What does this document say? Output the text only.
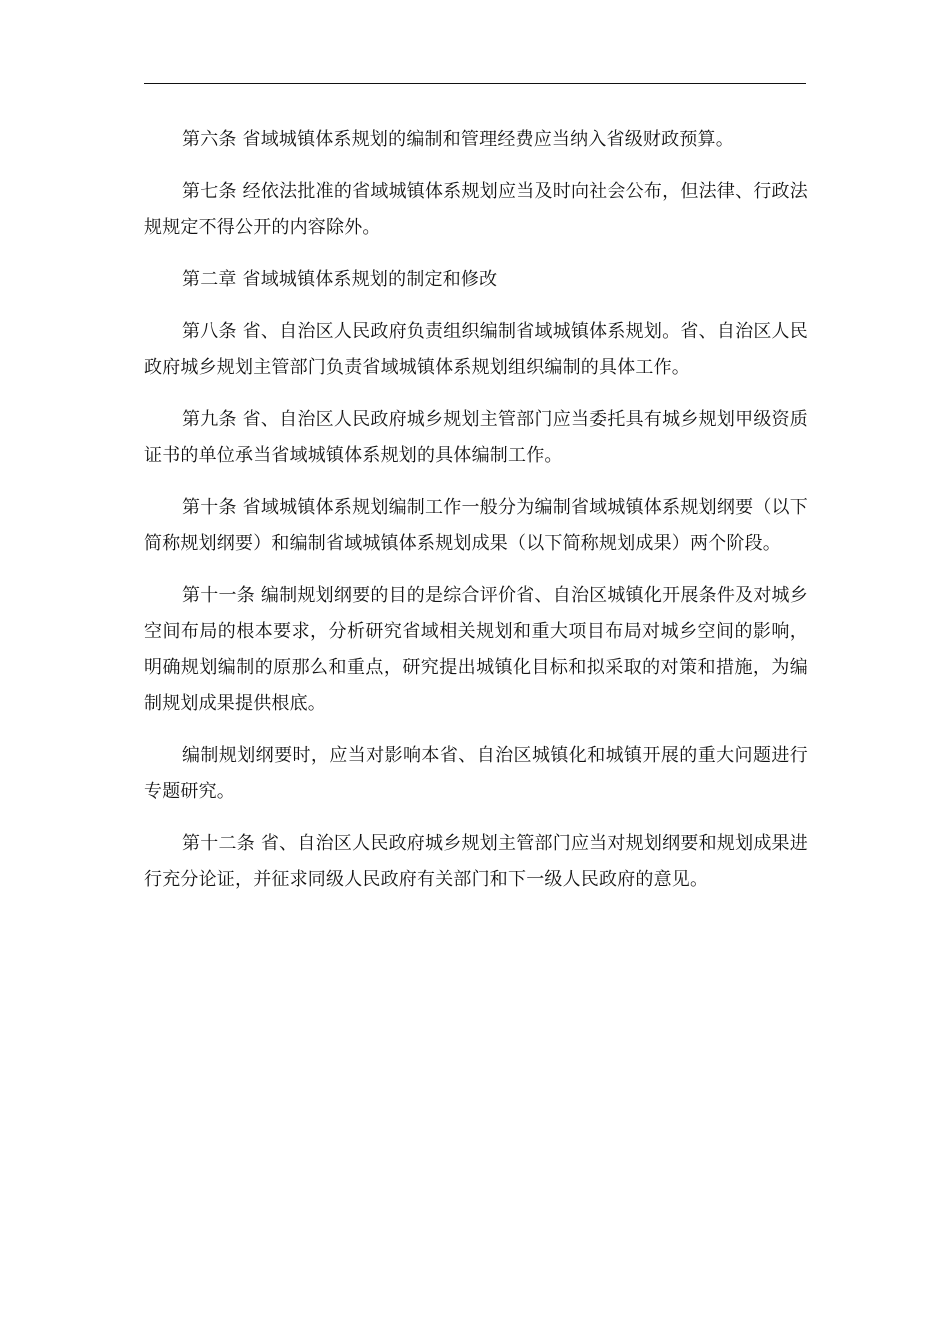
第六条 省域城镇体系规划的编制和管理经费应当纳入省级财政预算。

第七条 经依法批准的省域城镇体系规划应当及时向社会公布，但法律、行政法规规定不得公开的内容除外。

第二章 省域城镇体系规划的制定和修改

第八条 省、自治区人民政府负责组织编制省域城镇体系规划。省、自治区人民政府城乡规划主管部门负责省域城镇体系规划组织编制的具体工作。

第九条 省、自治区人民政府城乡规划主管部门应当委托具有城乡规划甲级资质证书的单位承当省域城镇体系规划的具体编制工作。

第十条 省域城镇体系规划编制工作一般分为编制省域城镇体系规划纲要（以下简称规划纲要）和编制省域城镇体系规划成果（以下简称规划成果）两个阶段。

第十一条 编制规划纲要的目的是综合评价省、自治区城镇化开展条件及对城乡空间布局的根本要求，分析研究省域相关规划和重大项目布局对城乡空间的影响，明确规划编制的原那么和重点，研究提出城镇化目标和拟采取的对策和措施，为编制规划成果提供根底。

编制规划纲要时，应当对影响本省、自治区城镇化和城镇开展的重大问题进行专题研究。

第十二条 省、自治区人民政府城乡规划主管部门应当对规划纲要和规划成果进行充分论证，并征求同级人民政府有关部门和下一级人民政府的意见。
